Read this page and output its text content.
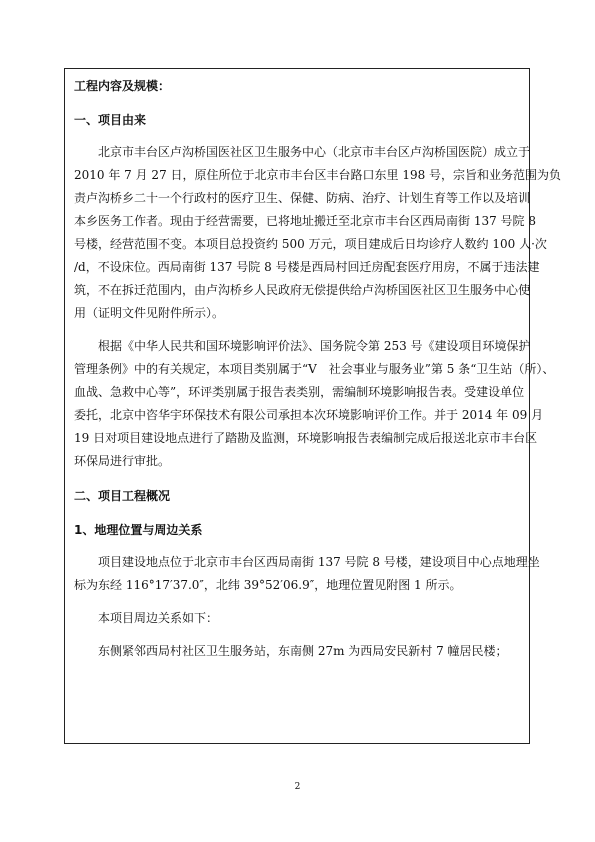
工程内容及规模：
一、项目由来
北京市丰台区卢沟桥国医社区卫生服务中心（北京市丰台区卢沟桥国医院）成立于
2010 年 7 月 27 日，原住所位于北京市丰台区丰台路口东里 198 号，宗旨和业务范围为负
责卢沟桥乡二十一个行政村的医疗卫生、保健、防病、治疗、计划生育等工作以及培训
本乡医务工作者。现由于经营需要，已将地址搬迁至北京市丰台区西局南街 137 号院 8
号楼，经营范围不变。本项目总投资约 500 万元，项目建成后日均诊疗人数约 100 人·次
/d，不设床位。西局南街 137 号院 8 号楼是西局村回迁房配套医疗用房，不属于违法建
筑，不在拆迁范围内，由卢沟桥乡人民政府无偿提供给卢沟桥国医社区卫生服务中心使
用（证明文件见附件所示）。
根据《中华人民共和国环境影响评价法》、国务院令第 253 号《建设项目环境保护
管理条例》中的有关规定，本项目类别属于“V　社会事业与服务业”第 5 条“卫生站（所）、
血战、急救中心等”，环评类别属于报告表类别，需编制环境影响报告表。受建设单位
委托，北京中咨华宇环保技术有限公司承担本次环境影响评价工作。并于 2014 年 09 月
19 日对项目建设地点进行了踏勘及监测，环境影响报告表编制完成后报送北京市丰台区
环保局进行审批。
二、项目工程概况
1、地理位置与周边关系
项目建设地点位于北京市丰台区西局南街 137 号院 8 号楼，建设项目中心点地理坐
标为东经 116°17′37.0″，北纬 39°52′06.9″，地理位置见附图 1 所示。
本项目周边关系如下：
东侧紧邻西局村社区卫生服务站，东南侧 27m 为西局安民新村 7 幢居民楼；
2
